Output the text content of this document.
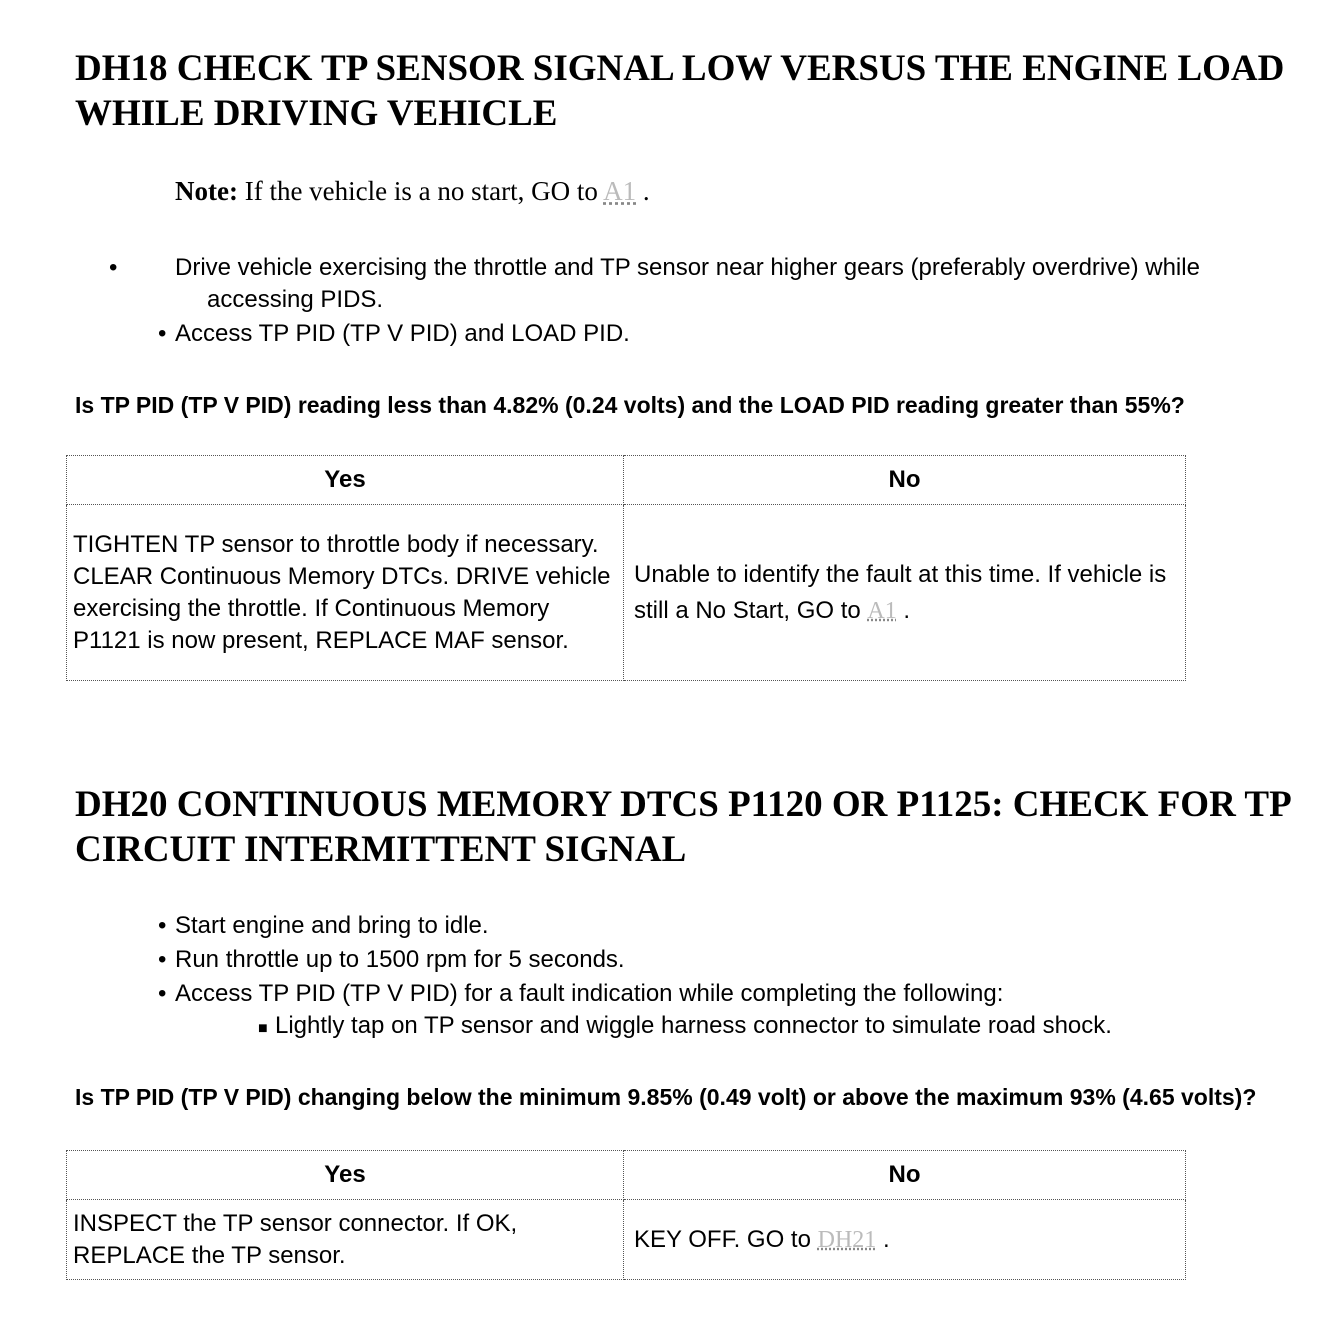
DH18 CHECK TP SENSOR SIGNAL LOW VERSUS THE ENGINE LOAD WHILE DRIVING VEHICLE
Note: If the vehicle is a no start, GO to A1 .
• Drive vehicle exercising the throttle and TP sensor near higher gears (preferably overdrive) while accessing PIDS.
• Access TP PID (TP V PID) and LOAD PID.
Is TP PID (TP V PID) reading less than 4.82% (0.24 volts) and the LOAD PID reading greater than 55%?
Yes	No
TIGHTEN TP sensor to throttle body if necessary. CLEAR Continuous Memory DTCs. DRIVE vehicle exercising the throttle. If Continuous Memory P1121 is now present, REPLACE MAF sensor.	Unable to identify the fault at this time. If vehicle is still a No Start, GO to A1 .
DH20 CONTINUOUS MEMORY DTCS P1120 OR P1125: CHECK FOR TP CIRCUIT INTERMITTENT SIGNAL
• Start engine and bring to idle.
• Run throttle up to 1500 rpm for 5 seconds.
• Access TP PID (TP V PID) for a fault indication while completing the following:
■ Lightly tap on TP sensor and wiggle harness connector to simulate road shock.
Is TP PID (TP V PID) changing below the minimum 9.85% (0.49 volt) or above the maximum 93% (4.65 volts)?
Yes	No
INSPECT the TP sensor connector. If OK, REPLACE the TP sensor.	KEY OFF. GO to DH21 .
